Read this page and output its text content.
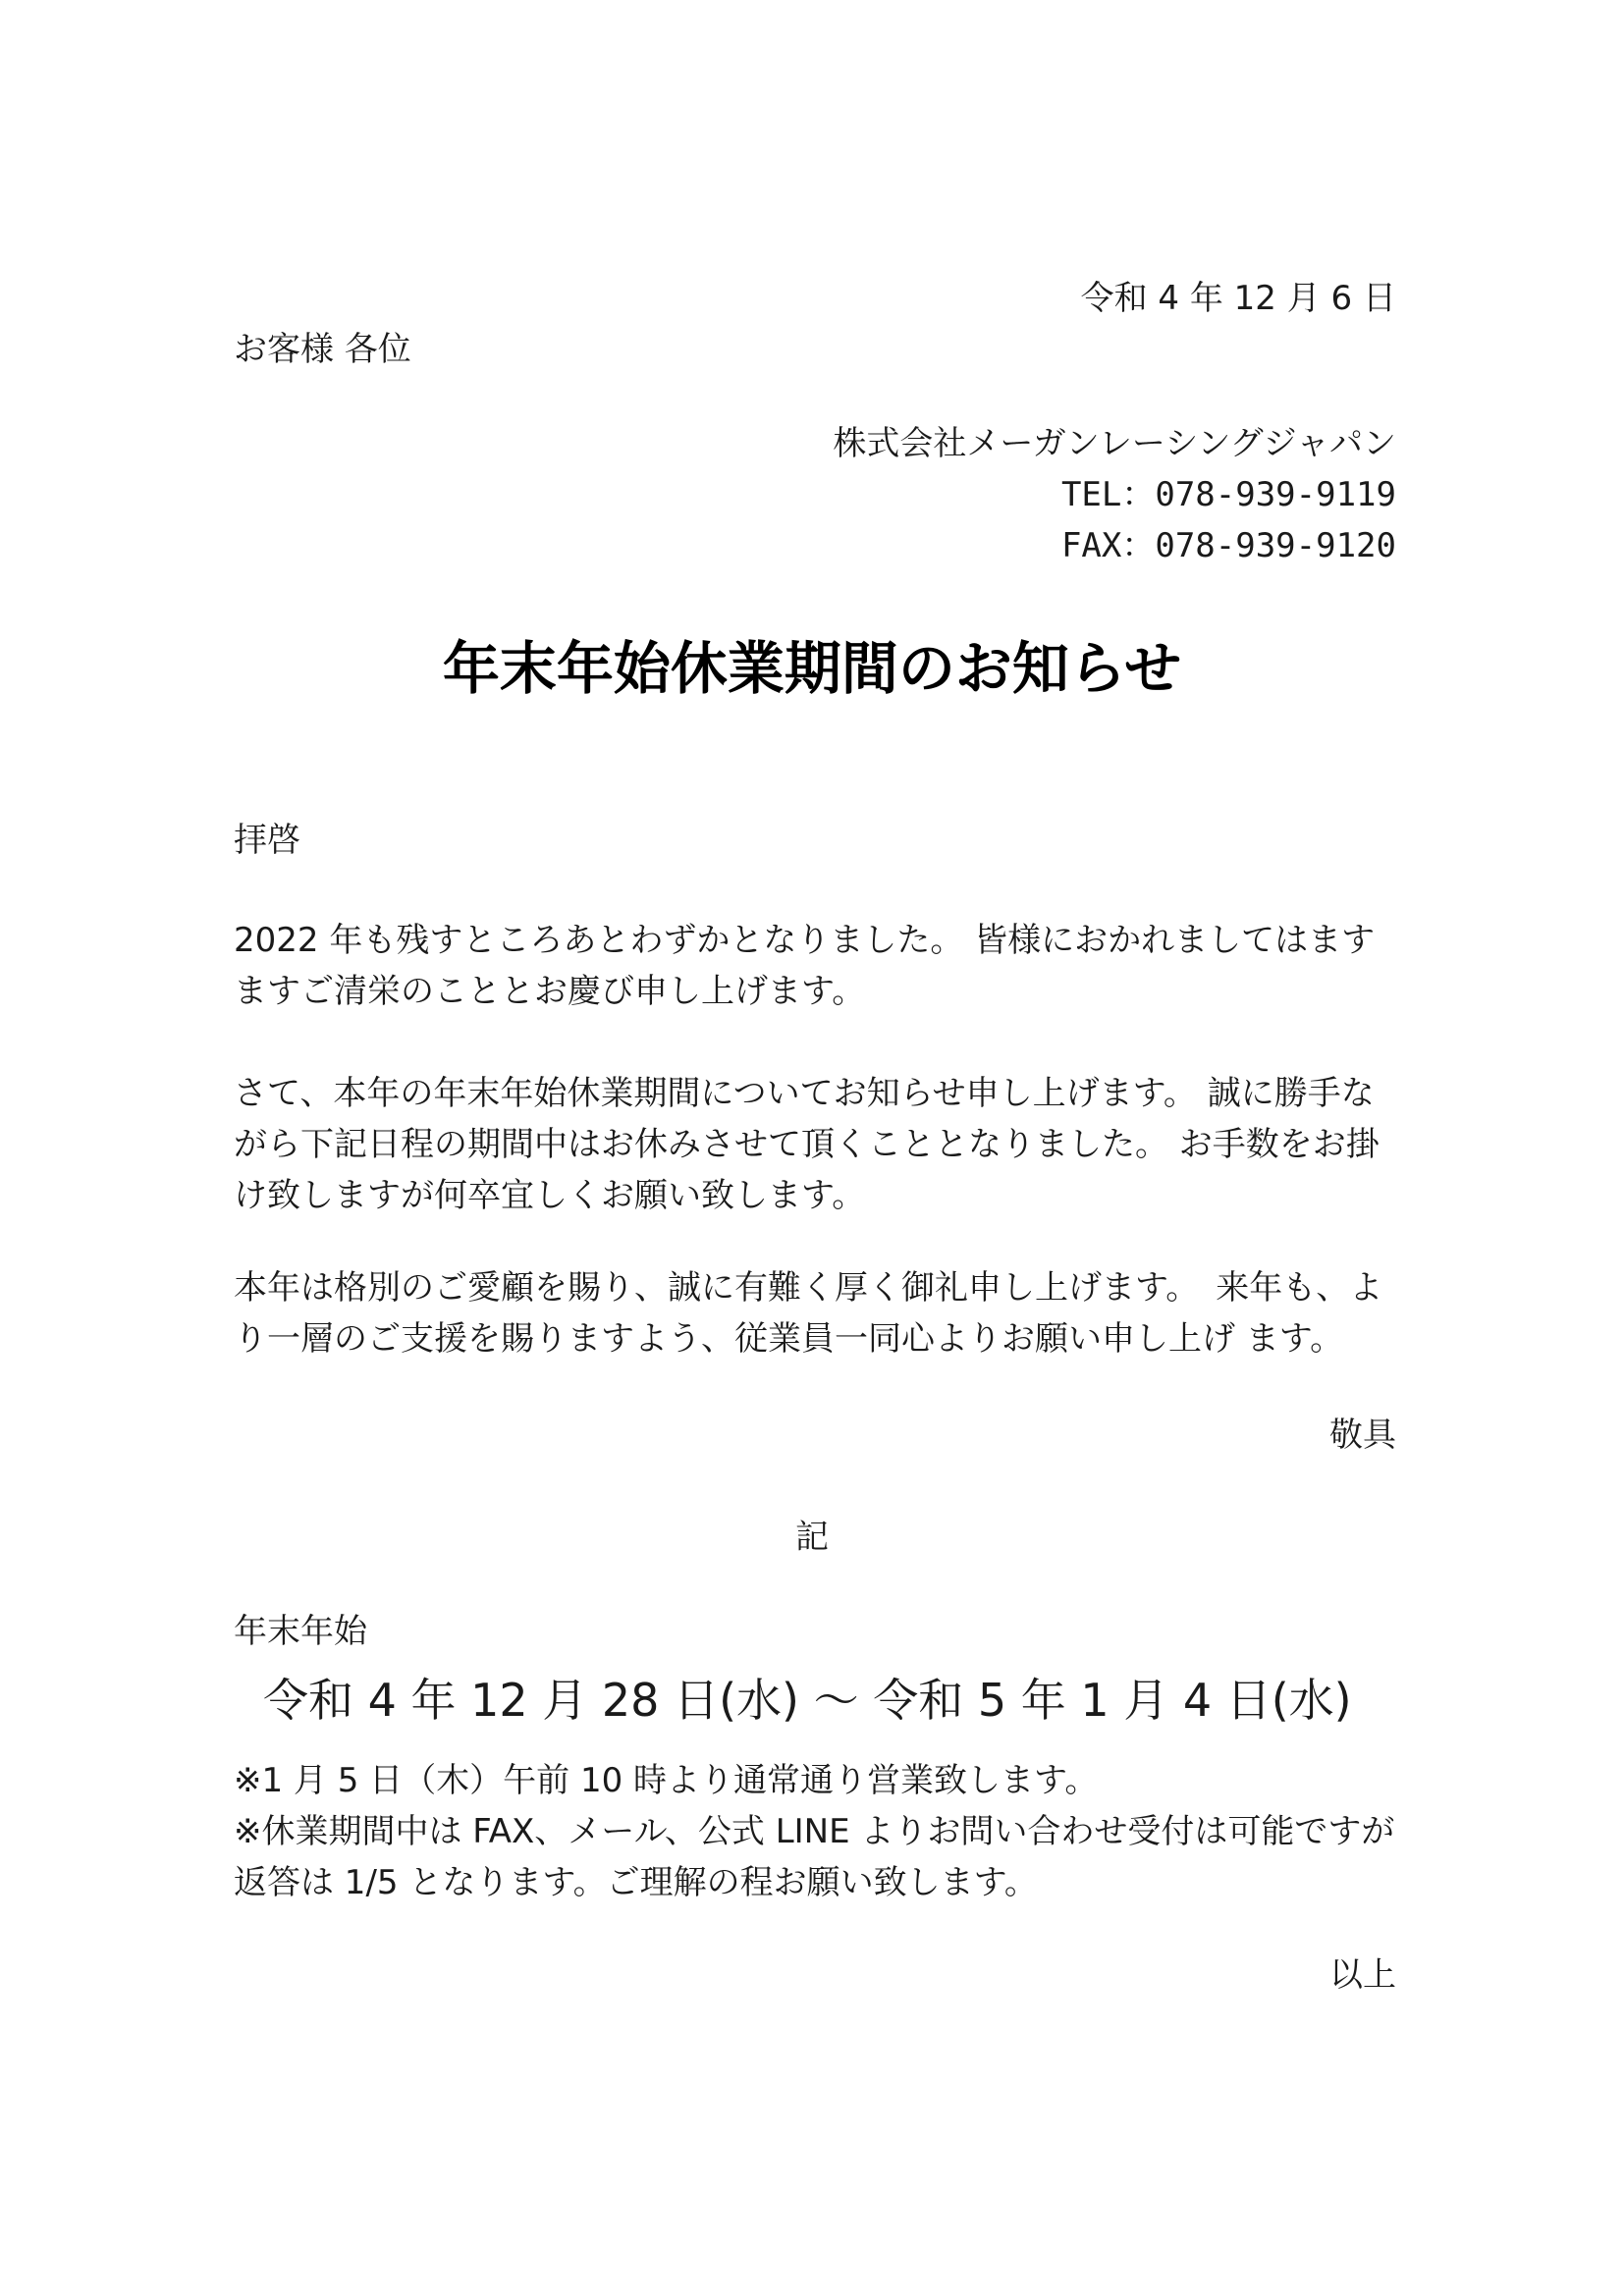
令和 4 年 12 月 6 日
お客様 各位
株式会社メーガンレーシングジャパン
TEL：078-939-9119
FAX：078-939-9120
年末年始休業期間のお知らせ
拝啓
2022 年も残すところあとわずかとなりました。 皆様におかれましてはますますご清栄のこととお慶び申し上げます。
さて、本年の年末年始休業期間についてお知らせ申し上げます。 誠に勝手ながら下記日程の期間中はお休みさせて頂くこととなりました。 お手数をお掛け致しますが何卒宜しくお願い致します。
本年は格別のご愛顧を賜り、誠に有難く厚く御礼申し上げます。　来年も、より一層のご支援を賜りますよう、従業員一同心よりお願い申し上げ ます。
敬具
記
年末年始
令和 4 年 12 月 28 日(水) ～ 令和 5 年 1 月 4 日(水)
※1 月 5 日（木）午前 10 時より通常通り営業致します。
※休業期間中は FAX、メール、公式 LINE よりお問い合わせ受付は可能ですが
返答は 1/5 となります。ご理解の程お願い致します。
以上
